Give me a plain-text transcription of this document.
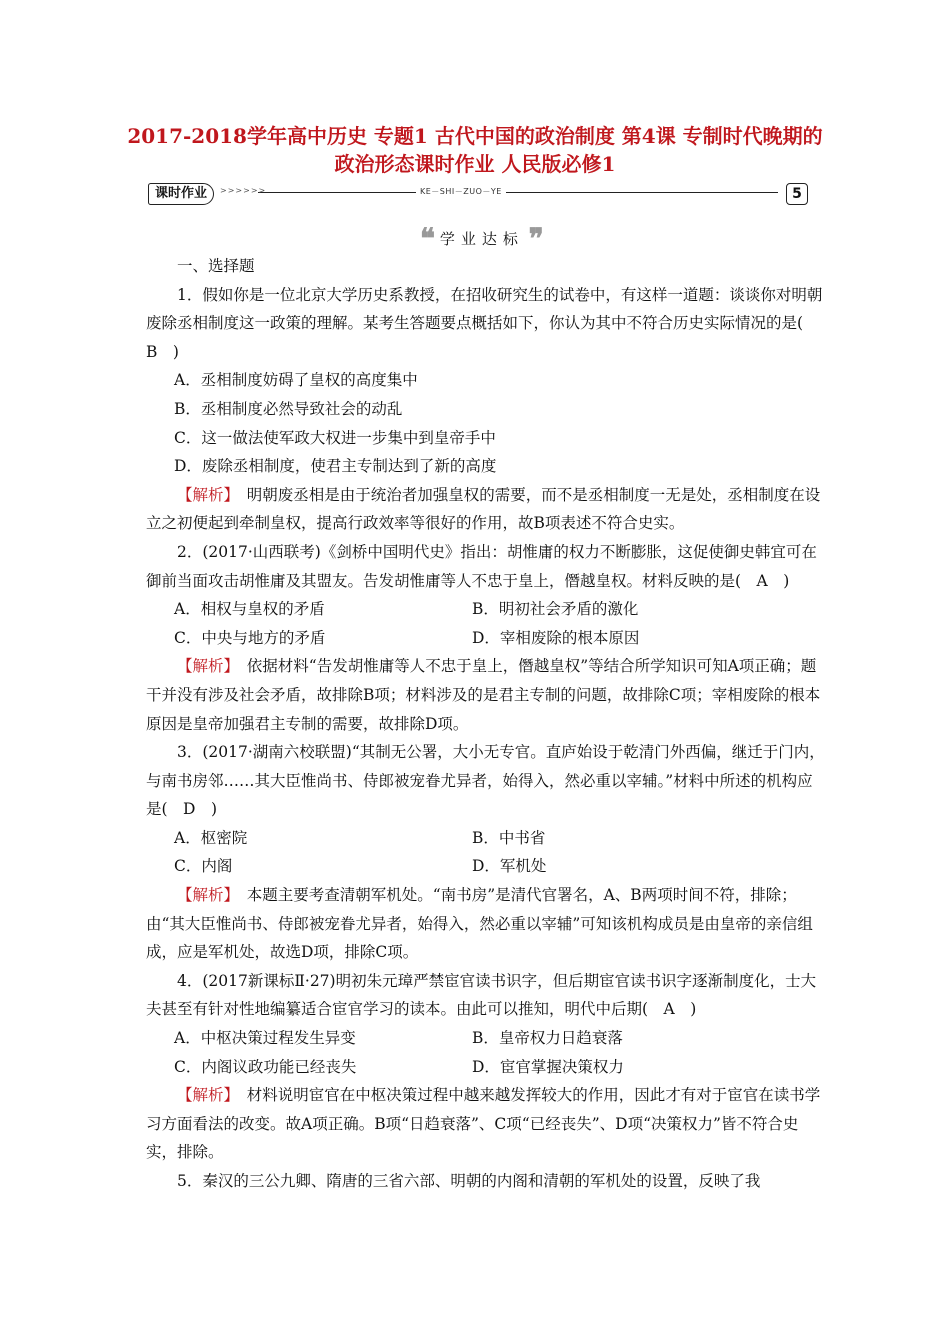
2017-2018学年高中历史 专题1 古代中国的政治制度 第4课 专制时代晚期的政治形态课时作业 人民版必修1
课时作业	>>>>>>	KE－SHI－ZUO－YE	5
❝ 学业达标 ❞

一、选择题

1．假如你是一位北京大学历史系教授，在招收研究生的试卷中，有这样一道题：谈谈你对明朝废除丞相制度这一政策的理解。某考生答题要点概括如下，你认为其中不符合历史实际情况的是(　B　)

A．丞相制度妨碍了皇权的高度集中

B．丞相制度必然导致社会的动乱

C．这一做法使军政大权进一步集中到皇帝手中

D．废除丞相制度，使君主专制达到了新的高度

【解析】　明朝废丞相是由于统治者加强皇权的需要，而不是丞相制度一无是处，丞相制度在设立之初便起到牵制皇权，提高行政效率等很好的作用，故B项表述不符合史实。

2．(2017·山西联考)《剑桥中国明代史》指出：胡惟庸的权力不断膨胀，这促使御史韩宜可在御前当面攻击胡惟庸及其盟友。告发胡惟庸等人不忠于皇上，僭越皇权。材料反映的是(　A　)

A．相权与皇权的矛盾	B．明初社会矛盾的激化
C．中央与地方的矛盾	D．宰相废除的根本原因

【解析】　依据材料“告发胡惟庸等人不忠于皇上，僭越皇权”等结合所学知识可知A项正确；题干并没有涉及社会矛盾，故排除B项；材料涉及的是君主专制的问题，故排除C项；宰相废除的根本原因是皇帝加强君主专制的需要，故排除D项。

3．(2017·湖南六校联盟)“其制无公署，大小无专官。直庐始设于乾清门外西偏，继迁于门内，与南书房邻……其大臣惟尚书、侍郎被宠眷尤异者，始得入，然必重以宰辅。”材料中所述的机构应是(　D　)

A．枢密院	B．中书省
C．内阁	D．军机处

【解析】　本题主要考查清朝军机处。“南书房”是清代官署名，A、B两项时间不符，排除；由“其大臣惟尚书、侍郎被宠眷尤异者，始得入，然必重以宰辅”可知该机构成员是由皇帝的亲信组成，应是军机处，故选D项，排除C项。

4．(2017新课标Ⅱ·27)明初朱元璋严禁宦官读书识字，但后期宦官读书识字逐渐制度化，士大夫甚至有针对性地编纂适合宦官学习的读本。由此可以推知，明代中后期(　A　)

A．中枢决策过程发生异变	B．皇帝权力日趋衰落
C．内阁议政功能已经丧失	D．宦官掌握决策权力

【解析】　材料说明宦官在中枢决策过程中越来越发挥较大的作用，因此才有对于宦官在读书学习方面看法的改变。故A项正确。B项“日趋衰落”、C项“已经丧失”、D项“决策权力”皆不符合史实，排除。

5．秦汉的三公九卿、隋唐的三省六部、明朝的内阁和清朝的军机处的设置，反映了我
